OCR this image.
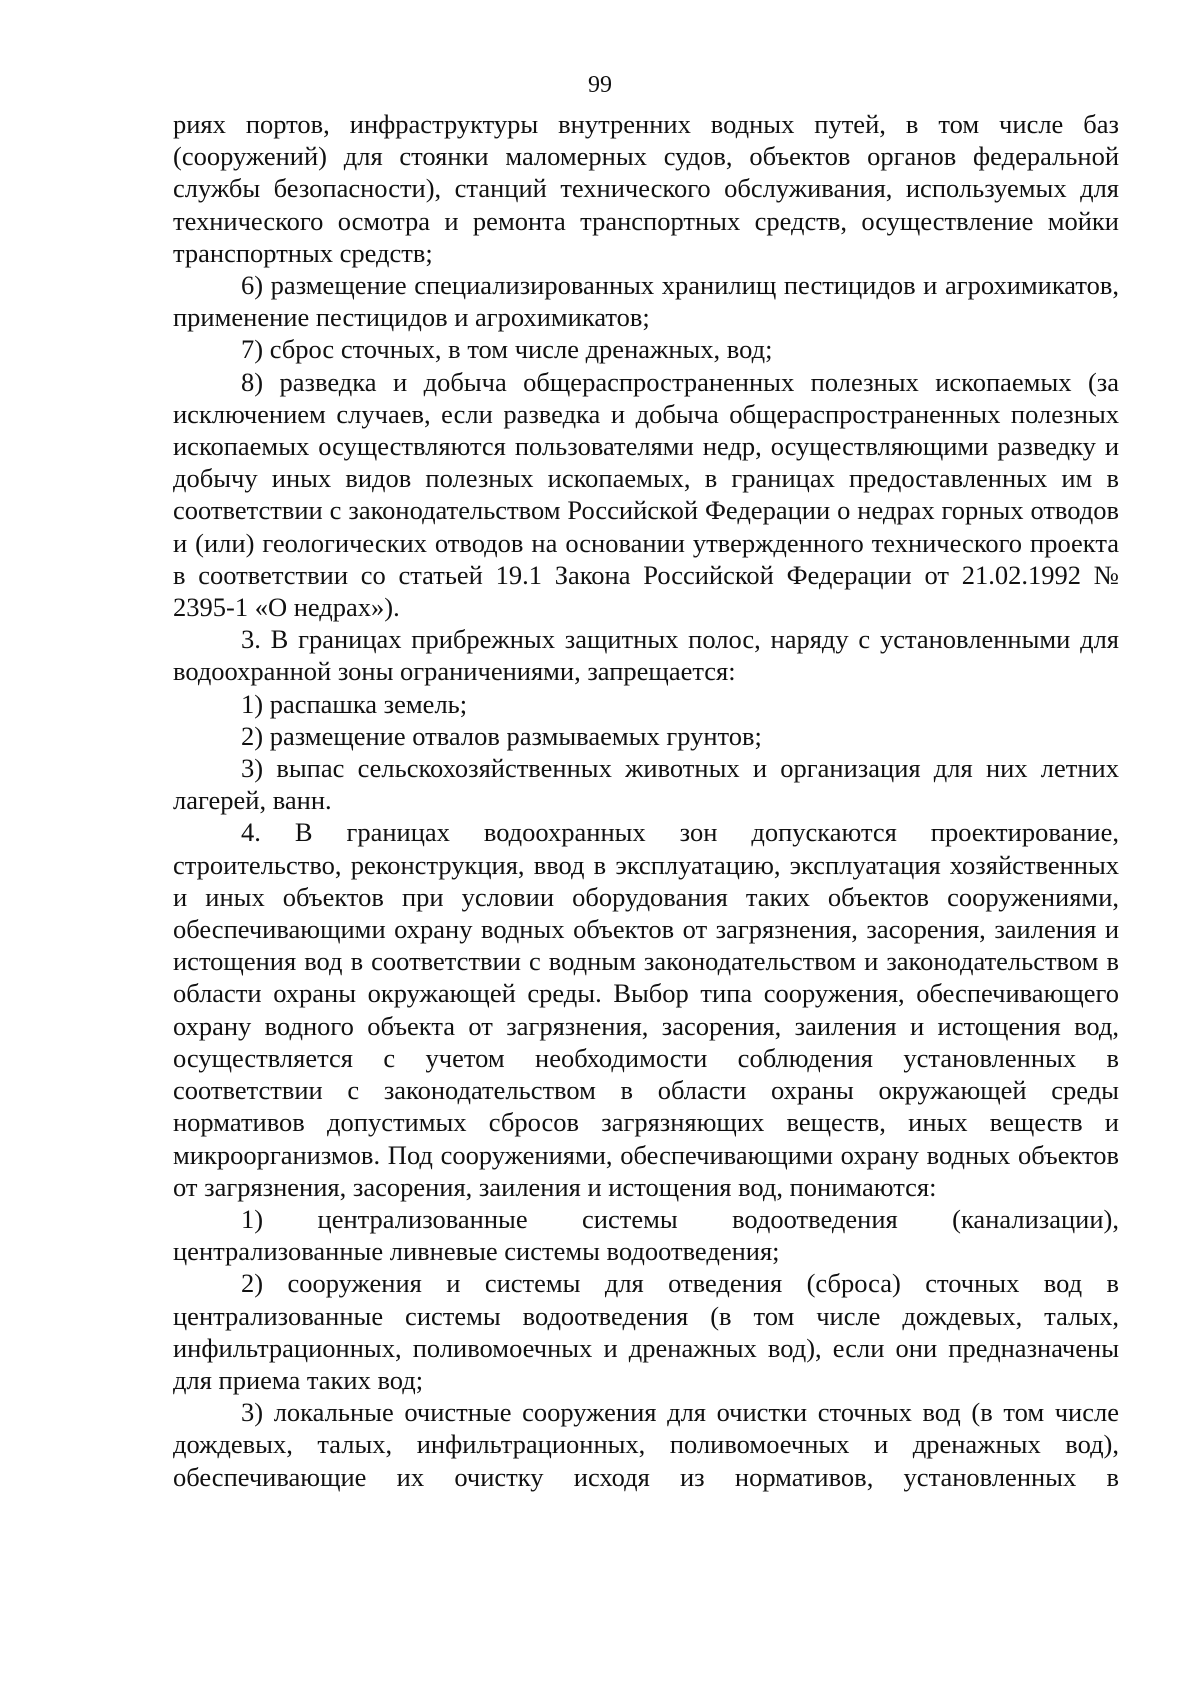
99

риях портов, инфраструктуры внутренних водных путей, в том числе баз (сооружений) для стоянки маломерных судов, объектов органов федеральной службы безопасности), станций технического обслуживания, используемых для технического осмотра и ремонта транспортных средств, осуществление мойки транспортных средств;

6) размещение специализированных хранилищ пестицидов и агрохимикатов, применение пестицидов и агрохимикатов;

7) сброс сточных, в том числе дренажных, вод;

8) разведка и добыча общераспространенных полезных ископаемых (за исключением случаев, если разведка и добыча общераспространенных полезных ископаемых осуществляются пользователями недр, осуществляющими разведку и добычу иных видов полезных ископаемых, в границах предоставленных им в соответствии с законодательством Российской Федерации о недрах горных отводов и (или) геологических отводов на основании утвержденного технического проекта в соответствии со статьей 19.1 Закона Российской Федерации от 21.02.1992 № 2395-1 «О недрах»).

3. В границах прибрежных защитных полос, наряду с установленными для водоохранной зоны ограничениями, запрещается:

1) распашка земель;

2) размещение отвалов размываемых грунтов;

3) выпас сельскохозяйственных животных и организация для них летних лагерей, ванн.

4. В границах водоохранных зон допускаются проектирование, строительство, реконструкция, ввод в эксплуатацию, эксплуатация хозяйственных и иных объектов при условии оборудования таких объектов сооружениями, обеспечивающими охрану водных объектов от загрязнения, засорения, заиления и истощения вод в соответствии с водным законодательством и законодательством в области охраны окружающей среды. Выбор типа сооружения, обеспечивающего охрану водного объекта от загрязнения, засорения, заиления и истощения вод, осуществляется с учетом необходимости соблюдения установленных в соответствии с законодательством в области охраны окружающей среды нормативов допустимых сбросов загрязняющих веществ, иных веществ и микроорганизмов. Под сооружениями, обеспечивающими охрану водных объектов от загрязнения, засорения, заиления и истощения вод, понимаются:

1) централизованные системы водоотведения (канализации), централизованные ливневые системы водоотведения;

2) сооружения и системы для отведения (сброса) сточных вод в централизованные системы водоотведения (в том числе дождевых, талых, инфильтрационных, поливомоечных и дренажных вод), если они предназначены для приема таких вод;

3) локальные очистные сооружения для очистки сточных вод (в том числе дождевых, талых, инфильтрационных, поливомоечных и дренажных вод), обеспечивающие их очистку исходя из нормативов, установленных в
